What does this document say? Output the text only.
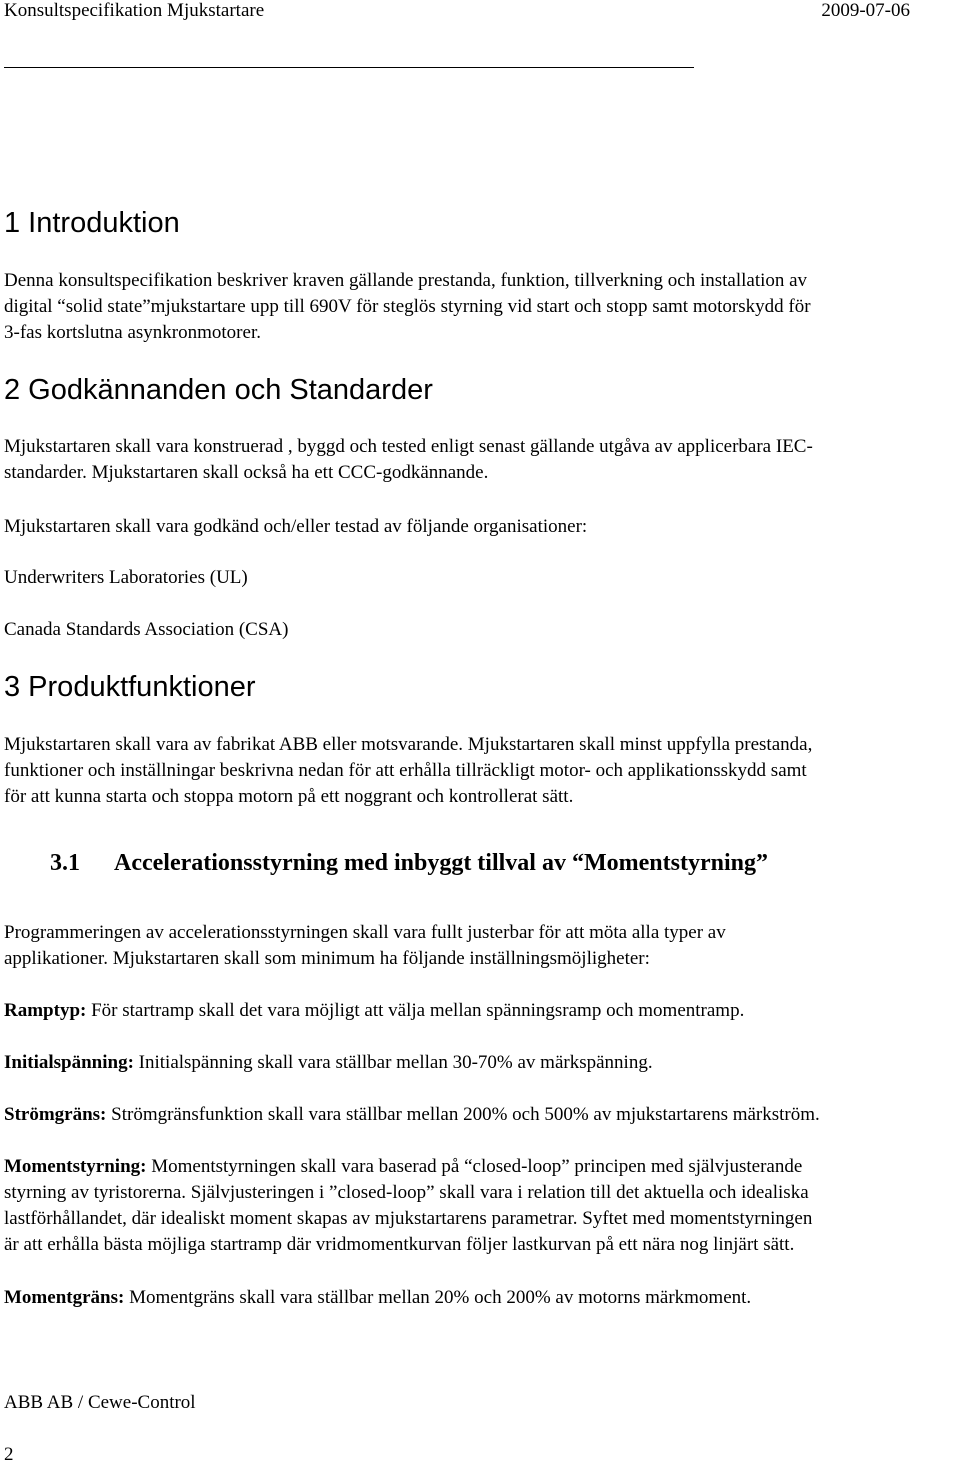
Konsultspecifikation Mjukstartare	2009-07-06
1 Introduktion
Denna konsultspecifikation beskriver kraven gällande prestanda, funktion, tillverkning och installation av
digital “solid state”mjukstartare upp till 690V för steglös styrning vid start och stopp samt motorskydd för
3-fas kortslutna asynkronmotorer.
2 Godkännanden och Standarder
Mjukstartaren skall vara konstruerad , byggd och tested enligt senast gällande utgåva av applicerbara IEC-
standarder. Mjukstartaren skall också ha ett CCC-godkännande.
Mjukstartaren skall vara godkänd och/eller testad av följande organisationer:
Underwriters Laboratories (UL)
Canada Standards Association (CSA)
3 Produktfunktioner
Mjukstartaren skall vara av fabrikat ABB eller motsvarande. Mjukstartaren skall minst uppfylla prestanda,
funktioner och inställningar beskrivna nedan för att erhålla tillräckligt motor- och applikationsskydd samt
för att kunna starta och stoppa motorn på ett noggrant och kontrollerat sätt.
3.1 Accelerationsstyrning med inbyggt tillval av “Momentstyrning”
Programmeringen av accelerationsstyrningen skall vara fullt justerbar för att möta alla typer av
applikationer. Mjukstartaren skall som minimum ha följande inställningsmöjligheter:
Ramptyp: För startramp skall det vara möjligt att välja mellan spänningsramp och momentramp.
Initialspänning: Initialspänning skall vara ställbar mellan 30-70% av märkspänning.
Strömgräns: Strömgränsfunktion skall vara ställbar mellan 200% och 500% av mjukstartarens märkström.
Momentstyrning: Momentstyrningen skall vara baserad på “closed-loop” principen med självjusterande
styrning av tyristorerna. Självjusteringen i ”closed-loop” skall vara i relation till det aktuella och idealiska
lastförhållandet, där idealiskt moment skapas av mjukstartarens parametrar. Syftet med momentstyrningen
är att erhålla bästa möjliga startramp där vridmomentkurvan följer lastkurvan på ett nära nog linjärt sätt.
Momentgräns: Momentgräns skall vara ställbar mellan 20% och 200% av motorns märkmoment.
ABB AB / Cewe-Control
2
